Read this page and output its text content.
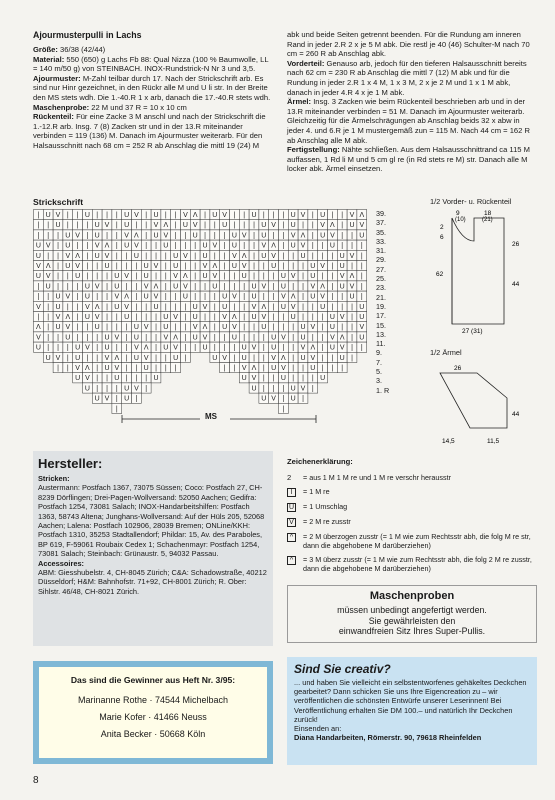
Ajourmusterpulli in Lachs
Größe: 36/38 (42/44)
Material: 550 (650) g Lachs Fb 88: Qual Nizza (100 % Baumwolle, LL = 140 m/50 g) von STEINBACH. INOX-Rundstrick-N Nr 3 und 3,5.
Ajourmuster: M-Zahl teilbar durch 17. Nach der Strickschrift arb. Es sind nur Hinr gezeichnet, in den Rückr alle M und U li str. In der Breite den MS stets wdh. Die 1.-40.R 1 x arb, danach die 17.-40.R stets wdh.
Maschenprobe: 22 M und 37 R = 10 x 10 cm
Rückenteil: Für eine Zacke 3 M anschl und nach der Strickschrift die 1.-12.R arb. Insg. 7 (8) Zacken str und in der 13.R miteinander verbinden = 119 (136) M. Danach im Ajourmuster weiterarb. Für den Halsausschnitt nach 68 cm = 252 R ab Anschlag die mittl 19 (24) M
abk und beide Seiten getrennt beenden. Für die Rundung am inneren Rand in jeder 2.R 2 x je 5 M abk. Die restl je 40 (46) Schulter-M nach 70 cm = 260 R ab Anschlag abk.
Vorderteil: Genauso arb, jedoch für den tieferen Halsausschnitt bereits nach 62 cm = 230 R ab Anschlag die mittl 7 (12) M abk und für die Rundung in jeder 2.R 1 x 4 M, 1 x 3 M, 2 x je 2 M und 1 x 1 M abk, danach in jeder 4.R 4 x je 1 M abk.
Ärmel: Insg. 3 Zacken wie beim Rückenteil beschrieben arb und in der 13.R miteinander verbinden = 51 M. Danach im Ajourmuster weiterarb. Gleichzeitig für die Ärmelschrägungen ab Anschlag beids 32 x abw in jeder 4. und 6.R je 1 M mustergemäß zun = 115 M. Nach 44 cm = 162 R ab Anschlag alle M abk.
Fertigstellung: Nähte schließen. Aus dem Halsausschnittrand ca 115 M auffassen, 1 Rd li M und 5 cm gl re (in Rd stets re M) str. Danach alle M locker abk. Ärmel einsetzen.
Strickschrift
| U V | | U | | | U V | U | | V Λ | U V | | U | | | U V | U | | V Λ
| | U | | | U V | U | | V Λ | U V | | U | | | U V | U | | V Λ | U V
| | | U V | U | | V Λ | U V | | U | | | U V | U | | V Λ | U V | | U
U V | U | | V Λ | U V | | U | | | U V | U | | V Λ | U V | | U | | |
U | | V Λ | U V | | U | | | U V | U | | V Λ | U V | | U | | | U V |
V Λ | U V | | U | | | U V | U | | V Λ | U V | | U | | | U V | U | |
U V | | U | | | U V | U | | V Λ | U V | | U | | | U V | U | | V Λ |
| U | | | U V | U | | V Λ | U V | | U | | | U V | U | | V Λ | U V |
| | U V | U | | V Λ | U V | | U | | | U V | U | | V Λ | U V | | U |
V | U | | V Λ | U V | | U | | | U V | U | | V Λ | U V | | U | | | U
| | V Λ | U V | | U | | | U V | U | | V Λ | U V | | U | | | U V | U
Λ | U V | | U | | | U V | U | | V Λ | U V | | U | | | U V | U | | V
V | | U | | | U V | U | | V Λ | U V | | U | | | U V | U | | V Λ | U
U | | | U V | U | | V Λ | U V | | U | | | U V | U | | V Λ | U V | |
U V | U | | V Λ | U V | | U |	U V | U | | V Λ | U V | | U |
| | V Λ | U V | | U | | |	| | V Λ | U V | | U | | |
U V | | U | | | U	U V | | U | | | U
U | | | U V |	U | | | U V |
U V | U |	U V | U |
|	|
39.
37.
35.
33.
31.
29.
27.
25.
23.
21.
19.
17.
15.
13.
11.
9.
7.
5.
3.
1. R
MS
1/2 Vorder- u. Rückenteil
9
(10)
18
(21)
2
6
26
62
44
27 (31)
1/2 Ärmel
26
44
14,5	11,5
Hersteller:
Stricken:
Austermann: Postfach 1367, 73075 Süssen; Coco: Postfach 27, CH-8239 Dörflingen; Drei-Pagen-Wollversand: 52050 Aachen; Gedifra: Postfach 1254, 73081 Salach; INOX-Handarbeitshilfen: Postfach 1363, 58743 Altena; Junghans-Wollversand: Auf der Hüls 205, 52068 Aachen; Lalena: Postfach 102906, 28039 Bremen; ONLine/KKH: Postfach 1310, 35253 Stadtallendorf; Phildar: 15, Av. des Paraboles, BP 619, F-59061 Roubaix Cedex 1; Schachenmayr: Postfach 1254, 73081 Salach; Steinbach: Grünaustr. 5, 94032 Passau.
Accessoires:
ABM: Giesshubelstr. 4, CH-8045 Zürich; C&A: Schadowstraße, 40212 Düsseldorf; H&M: Bahnhofstr. 71+92, CH-8001 Zürich; R. Ober: Sihlstr. 46/48, CH-8021 Zürich.
Das sind die Gewinner aus Heft Nr. 3/95:
Marinanne Rothe · 74544 Michelbach
Marie Kofer · 41466 Neuss
Anita Becker · 50668 Köln
Zeichenerklärung:
2	= aus 1 M 1 M re und 1 M re verschr herausstr
I	= 1 M re
U	= 1 Umschlag
V	= 2 M re zusstr
^	= 2 M überzogen zusstr (= 1 M wie zum Rechtsstr abh, die folg M re str, dann die abgehobene M darüberziehen)
^	= 3 M überz zusstr (= 1 M wie zum Rechtsstr abh, die folg 2 M re zusstr, dann die abgehobene M darüberziehen)
Maschenproben
müssen unbedingt angefertigt werden.
Sie gewährleisten den
einwandfreien Sitz Ihres Super-Pullis.
Sind Sie creativ?
... und haben Sie vielleicht ein selbstentworfenes gehäkeltes Deckchen gearbeitet? Dann schicken Sie uns Ihre Eigencreation zu – wir veröffentlichen die schönsten Entwürfe unserer Leserinnen! Bei Veröffentlichung erhalten Sie DM 100.– und natürlich Ihr Deckchen zurück!
Einsenden an:
Diana Handarbeiten, Römerstr. 90, 79618 Rheinfelden
8
